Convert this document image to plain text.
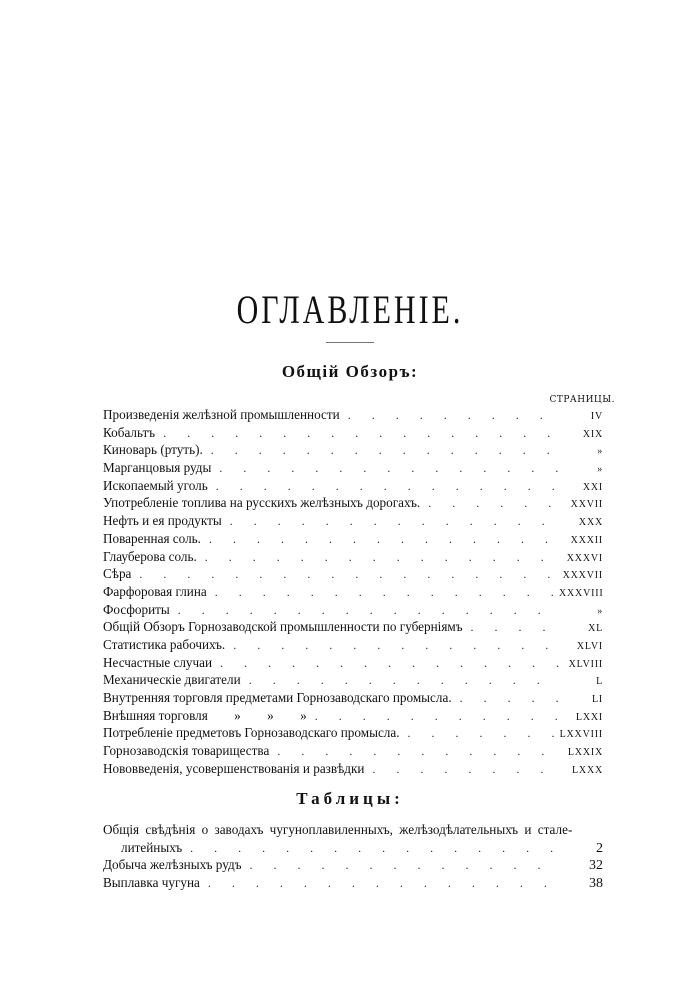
ОГЛАВЛЕНІЕ.
Общій Обзоръ:
СТРАНИЦЫ.
Произведенія желѣзной промышленности . . .	IV
Кобальтъ . . .	XIX
Киноварь (ртуть). . . .	»
Марганцовыя руды . . .	»
Ископаемый уголь . . .	XXI
Употребленіе топлива на русскихъ желѣзныхъ дорогахъ. . . .	XXVII
Нефть и ея продукты . . .	XXX
Поваренная соль. . . .	XXXII
Глауберова соль. . . .	XXXVI
Сѣра . . .	XXXVII
Фарфоровая глина . . .	XXXVIII
Фосфориты . . .	»
Общій Обзоръ Горнозаводской промышленности по губерніямъ . . .	XL
Статистика рабочихъ. . . .	XLVI
Несчастные случаи . . .	XLVIII
Механическіе двигатели . . .	L
Внутренняя торговля предметами Горнозаводскаго промысла. . . .	LI
Внѣшняя торговля        »        »        » . . .	LXXI
Потребленіе предметовъ Горнозаводскаго промысла. . . .	LXXVIII
Горнозаводскія товарищества . . .	LXXIX
Нововведенія, усовершенствованія и развѣдки . . .	LXXX
Таблицы:
Общія свѣдѣнія о заводахъ чугуноплавиленныхъ, желѣзодѣлательныхъ и стале-
литейныхъ . . .	2
Добыча желѣзныхъ рудъ . . .	32
Выплавка чугуна . . .	38
